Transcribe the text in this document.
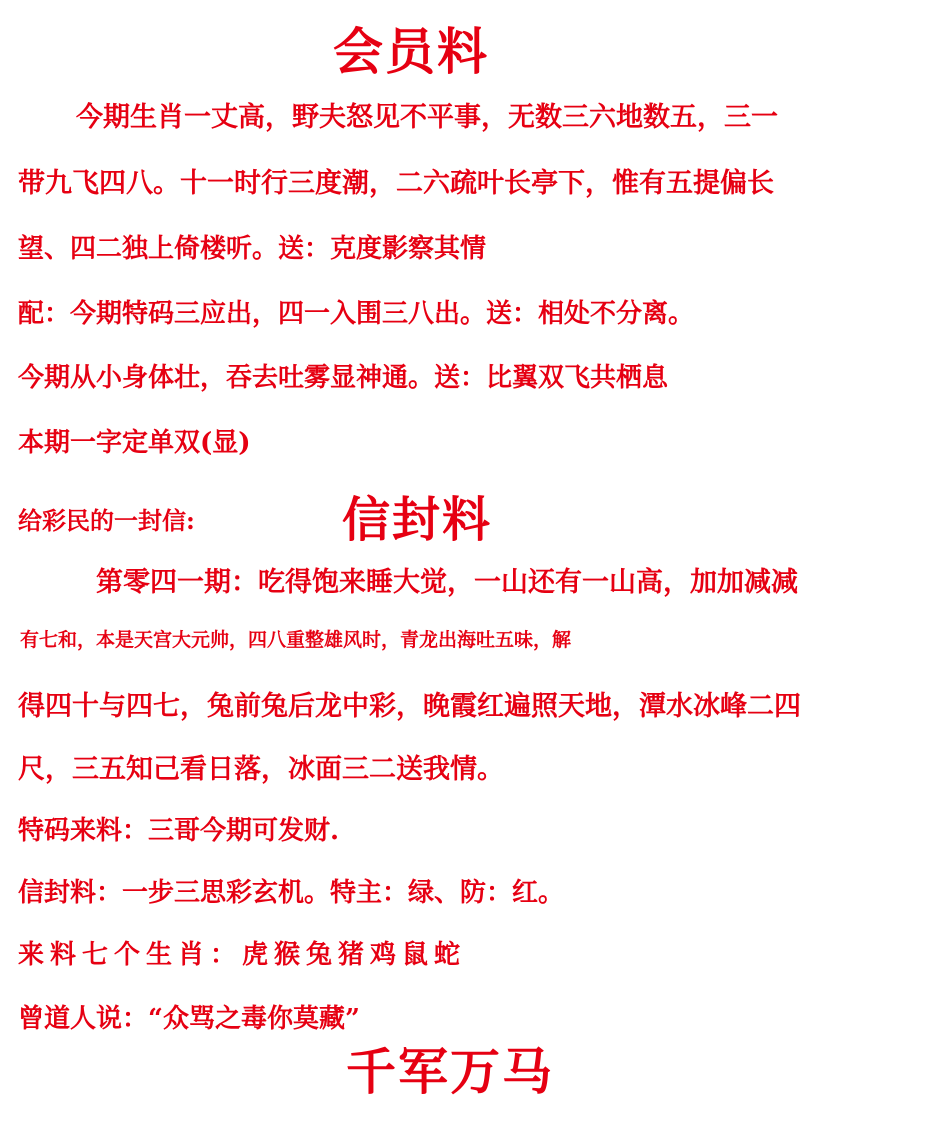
会员料
今期生肖一丈高，野夫怒见不平事，无数三六地数五，三一
带九飞四八。十一时行三度潮，二六疏叶长亭下，惟有五提偏长
望、四二独上倚楼听。送：克度影察其情
配：今期特码三应出，四一入围三八出。送：相处不分离。
今期从小身体壮，吞去吐雾显神通。送：比翼双飞共栖息
本期一字定单双(显)
给彩民的一封信:	信封料
第零四一期：吃得饱来睡大觉，一山还有一山高，加加减减
有七和，本是天宫大元帅，四八重整雄风时，青龙出海吐五味，解
得四十与四七，兔前兔后龙中彩，晚霞红遍照天地，潭水冰峰二四
尺，三五知己看日落，冰面三二送我情。
特码来料：三哥今期可发财.
信封料：一步三思彩玄机。特主：绿、防：红。
来料七个生肖：虎猴兔猪鸡鼠蛇
曾道人说：“众骂之毒你莫藏”
千军万马
